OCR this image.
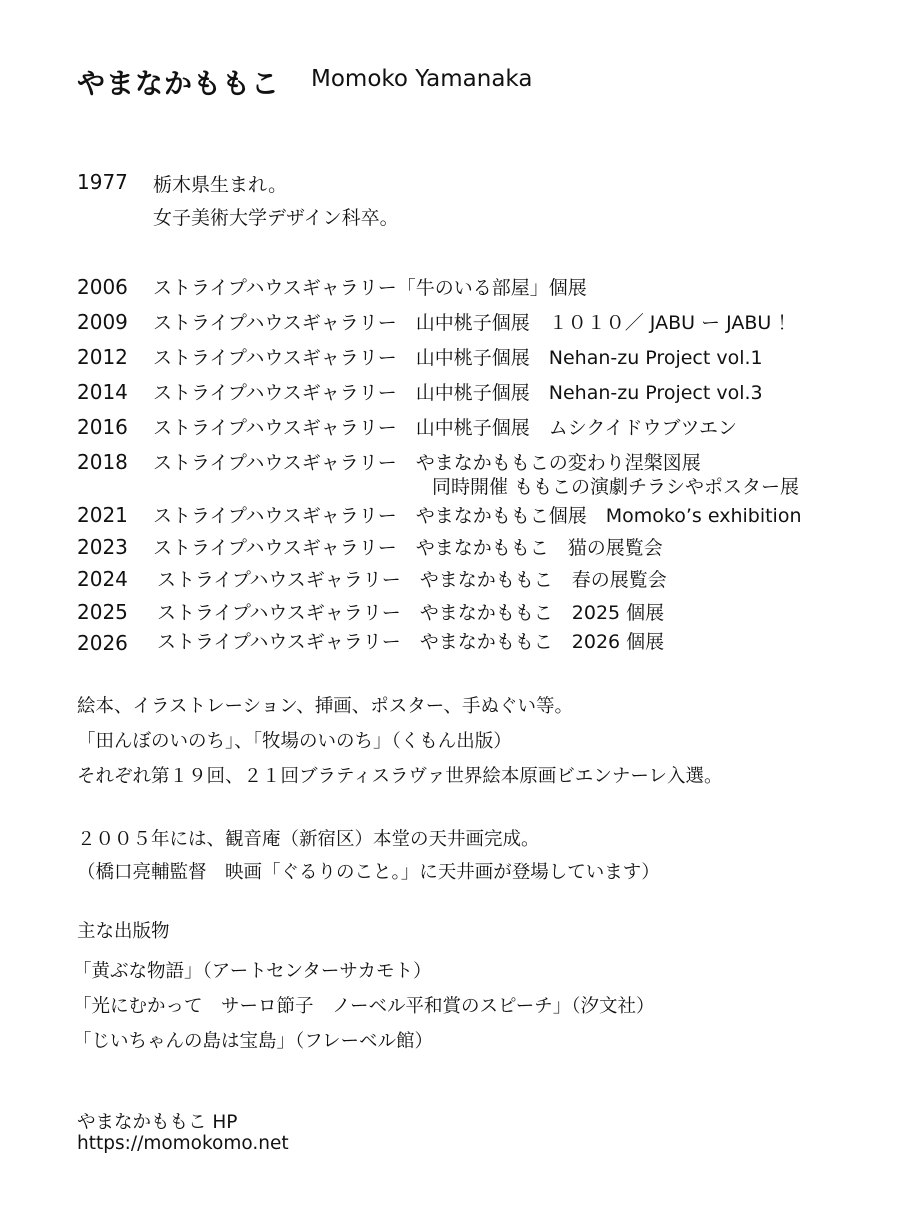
やまなかももこ Momoko Yamanaka
1977 栃木県生まれ。
女子美術大学デザイン科卒。
2006 ストライプハウスギャラリー「牛のいる部屋」個展
2009 ストライプハウスギャラリー　山中桃子個展　１０１０／ JABU ー JABU ！
2012 ストライプハウスギャラリー　山中桃子個展　Nehan-zu Project vol.1
2014 ストライプハウスギャラリー　山中桃子個展　Nehan-zu Project vol.3
2016 ストライプハウスギャラリー　山中桃子個展　ムシクイドウブツエン
2018 ストライプハウスギャラリー　やまなかももこの変わり涅槃図展
同時開催 ももこの演劇チラシやポスター展
2021 ストライプハウスギャラリー　やまなかももこ個展　Momoko’s exhibition
2023 ストライプハウスギャラリー　やまなかももこ　猫の展覧会
2024 ストライプハウスギャラリー　やまなかももこ　春の展覧会
2025 ストライプハウスギャラリー　やまなかももこ　2025 個展
2026 ストライプハウスギャラリー　やまなかももこ　2026 個展
絵本、イラストレーション、挿画、ポスター、手ぬぐい等。
「田んぼのいのち」、「牧場のいのち」（くもん出版）
それぞれ第１９回、２１回ブラティスラヴァ世界絵本原画ビエンナーレ入選。
２００５年には、観音庵（新宿区）本堂の天井画完成。
（橋口亮輔監督　映画「ぐるりのこと。」に天井画が登場しています）
主な出版物
「黄ぶな物語」（アートセンターサカモト）
「光にむかって　サーロ節子　ノーベル平和賞のスピーチ」（汐文社）
「じいちゃんの島は宝島」（フレーベル館）
やまなかももこ HP
https://momokomo.net
